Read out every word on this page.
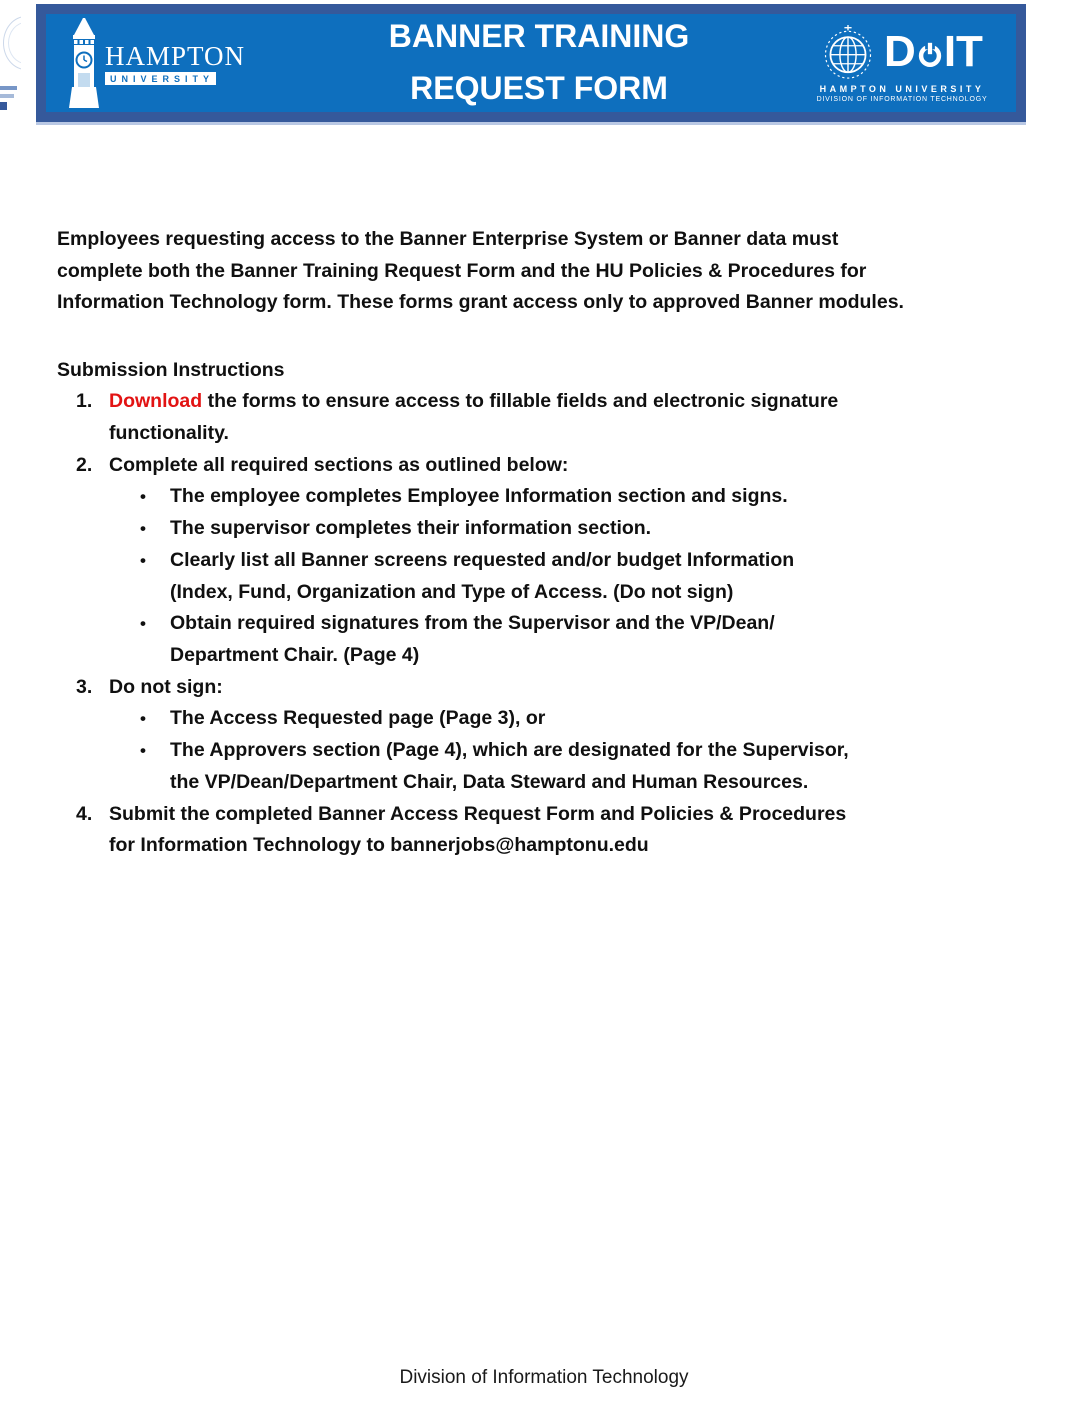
HAMPTON
UNIVERSITY
BANNER TRAINING
REQUEST FORM
D IT
HAMPTON UNIVERSITY
DIVISION OF INFORMATION TECHNOLOGY
Employees requesting access to the Banner Enterprise System or Banner data must
complete both the Banner Training Request Form and the HU Policies & Procedures for
Information Technology form. These forms grant access only to approved Banner modules.
Submission Instructions
1. Download the forms to ensure access to fillable fields and electronic signature
functionality.
2. Complete all required sections as outlined below:
•	The employee completes Employee Information section and signs.
•	The supervisor completes their information section.
•	Clearly list all Banner screens requested and/or budget Information
(Index, Fund, Organization and Type of Access. (Do not sign)
•	Obtain required signatures from the Supervisor and the VP/Dean/
Department Chair. (Page 4)
3. Do not sign:
•	The Access Requested page (Page 3), or
•	The Approvers section (Page 4), which are designated for the Supervisor,
the VP/Dean/Department Chair, Data Steward and Human Resources.
4. Submit the completed Banner Access Request Form and Policies & Procedures
for Information Technology to bannerjobs@hamptonu.edu
Division of Information Technology
